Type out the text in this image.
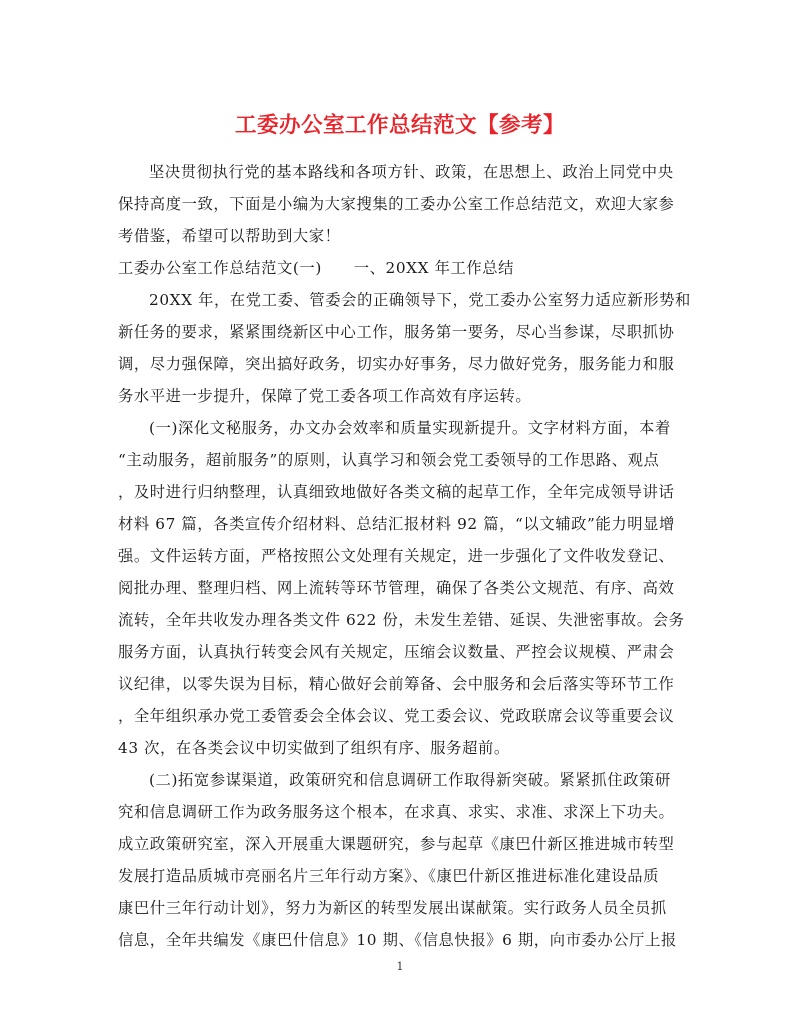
工委办公室工作总结范文【参考】
坚决贯彻执行党的基本路线和各项方针、政策，在思想上、政治上同党中央
保持高度一致，下面是小编为大家搜集的工委办公室工作总结范文，欢迎大家参
考借鉴，希望可以帮助到大家！
工委办公室工作总结范文(一)　　一、20XX 年工作总结
20XX 年，在党工委、管委会的正确领导下，党工委办公室努力适应新形势和
新任务的要求，紧紧围绕新区中心工作，服务第一要务，尽心当参谋，尽职抓协
调，尽力强保障，突出搞好政务，切实办好事务，尽力做好党务，服务能力和服
务水平进一步提升，保障了党工委各项工作高效有序运转。
(一)深化文秘服务，办文办会效率和质量实现新提升。文字材料方面，本着
“主动服务，超前服务”的原则，认真学习和领会党工委领导的工作思路、观点
，及时进行归纳整理，认真细致地做好各类文稿的起草工作，全年完成领导讲话
材料 67 篇，各类宣传介绍材料、总结汇报材料 92 篇，“以文辅政”能力明显增
强。文件运转方面，严格按照公文处理有关规定，进一步强化了文件收发登记、
阅批办理、整理归档、网上流转等环节管理，确保了各类公文规范、有序、高效
流转，全年共收发办理各类文件 622 份，未发生差错、延误、失泄密事故。会务
服务方面，认真执行转变会风有关规定，压缩会议数量、严控会议规模、严肃会
议纪律，以零失误为目标，精心做好会前筹备、会中服务和会后落实等环节工作
，全年组织承办党工委管委会全体会议、党工委会议、党政联席会议等重要会议
43 次，在各类会议中切实做到了组织有序、服务超前。
(二)拓宽参谋渠道，政策研究和信息调研工作取得新突破。紧紧抓住政策研
究和信息调研工作为政务服务这个根本，在求真、求实、求准、求深上下功夫。
成立政策研究室，深入开展重大课题研究，参与起草《康巴什新区推进城市转型
发展打造品质城市亮丽名片三年行动方案》、《康巴什新区推进标准化建设品质
康巴什三年行动计划》，努力为新区的转型发展出谋献策。实行政务人员全员抓
信息，全年共编发《康巴什信息》10 期、《信息快报》6 期，向市委办公厅上报
1
